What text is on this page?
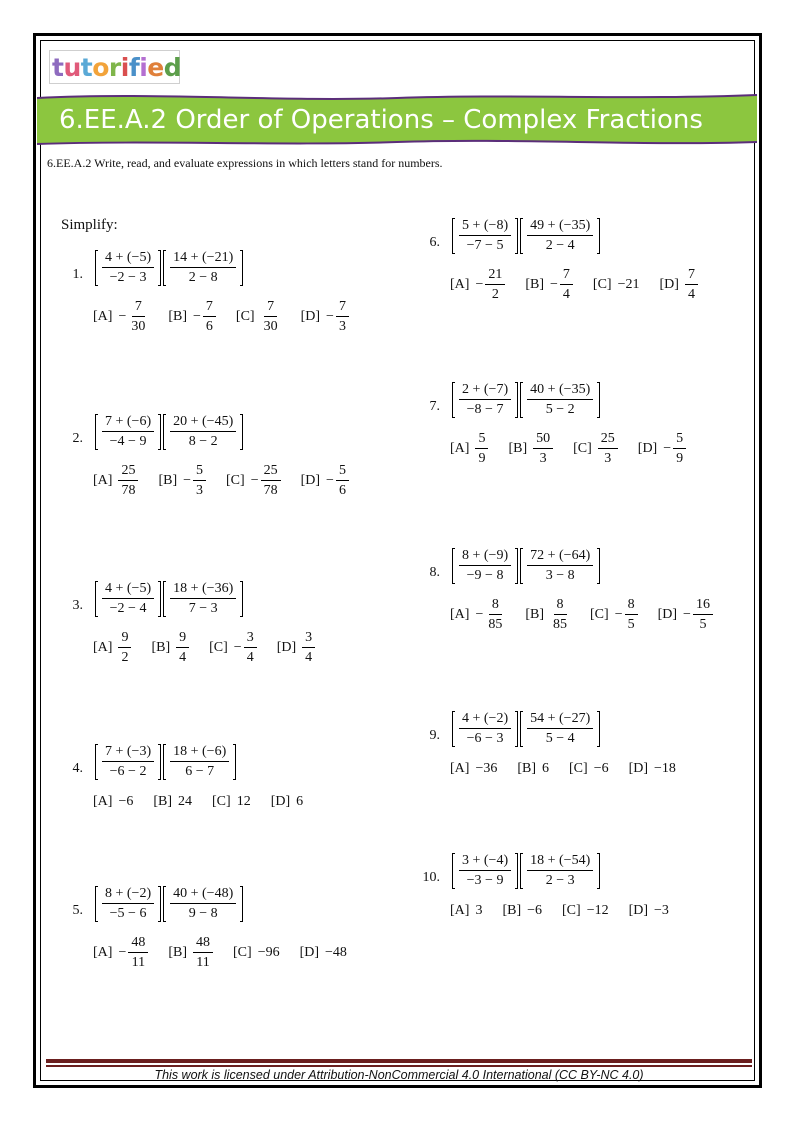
t u t o r i f i e d
6.EE.A.2 Order of Operations – Complex Fractions
6.EE.A.2 Write, read, and evaluate expressions in which letters stand for numbers.
Simplify:
1. $\frac{4 + (-5)}{-2 - 3} \frac{14 + (-21)}{2 - 8}$
$[A] - \frac{7}{30} [B] - \frac{7}{6} [C] \frac{7}{30} [D] - \frac{7}{3}$
2. $\frac{7 + (-6)}{-4 - 9} \frac{20 + (-45)}{8 - 2}$
$[A] \frac{25}{78} [B] - \frac{5}{3} [C] - \frac{25}{78} [D] - \frac{5}{6}$
3. $\frac{4 + (-5)}{-2 - 4} \frac{18 + (-36)}{7 - 3}$
$[A] \frac{9}{2} [B] \frac{9}{4} [C] - \frac{3}{4} [D] \frac{3}{4}$
4. $\frac{7 + (-3)}{-6 - 2} \frac{18 + (-6)}{6 - 7}$
[A] −6 [B] 24 [C] 12 [D] 6
5. $\frac{8 + (-2)}{-5 - 6} \frac{40 + (-48)}{9 - 8}$
$[A] - \frac{48}{11} [B] \frac{48}{11} [C] -96$ [D] −48
6. $\frac{5 + (-8)}{-7 - 5} \frac{49 + (-35)}{2 - 4}$
$[A] - \frac{21}{2} [B] - \frac{7}{4} [C] -21$ $[D] \frac{7}{4}$
7. $\frac{2 + (-7)}{-8 - 7} \frac{40 + (-35)}{5 - 2}$
$[A] \frac{5}{9} [B] \frac{50}{3} [C] \frac{25}{3} [D] - \frac{5}{9}$
8. $\frac{8 + (-9)}{-9 - 8} \frac{72 + (-64)}{3 - 8}$
$[A] - \frac{8}{85} [B] \frac{8}{85} [C] - \frac{8}{5} [D] - \frac{16}{5}$
9. $\frac{4 + (-2)}{-6 - 3} \frac{54 + (-27)}{5 - 4}$
[A] −36 [B] 6 [C] −6 [D] −18
10. $\frac{3 + (-4)}{-3 - 9} \frac{18 + (-54)}{2 - 3}$
[A] 3 [B] −6 [C] −12 [D] −3
This work is licensed under Attribution-NonCommercial 4.0 International (CC BY-NC 4.0)
